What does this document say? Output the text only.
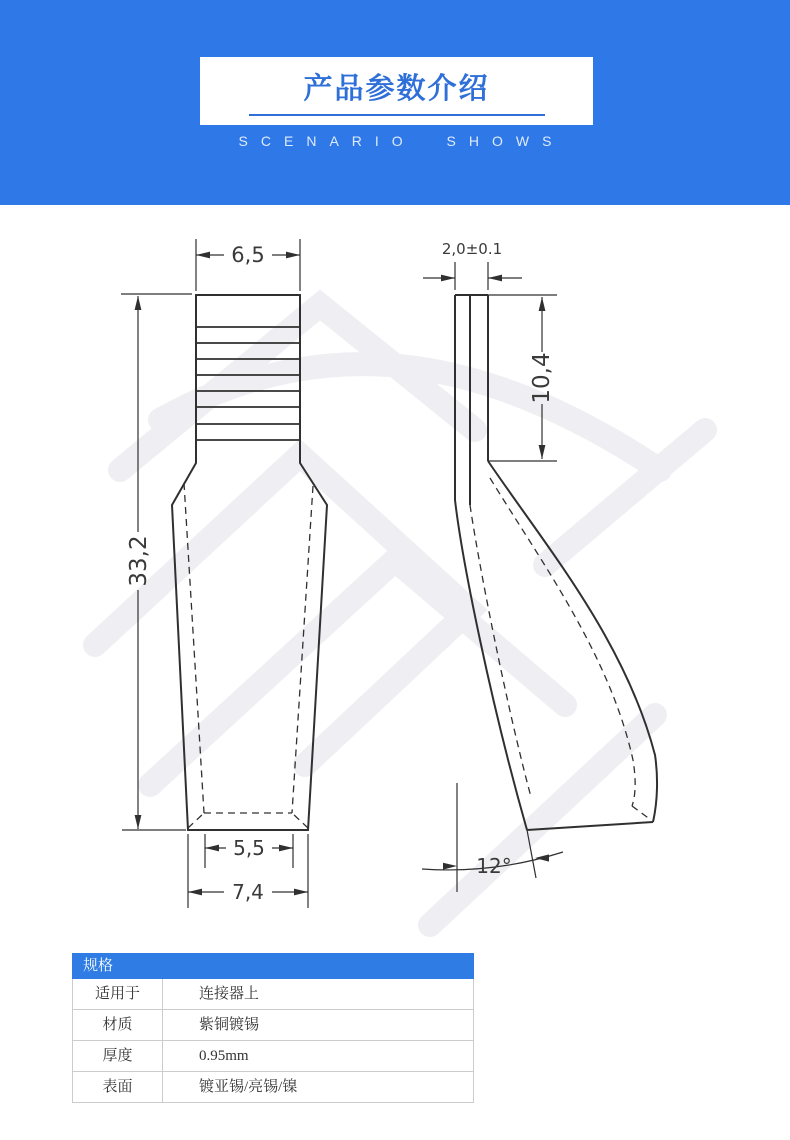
产品参数介绍
SCENARIO SHOWS
6,5
33,2
5,5
7,4
2,0±0.1
10,4
12°
规格
适用于	连接器上
材质	紫铜镀锡
厚度	0.95mm
表面	镀亚锡/亮锡/镍
